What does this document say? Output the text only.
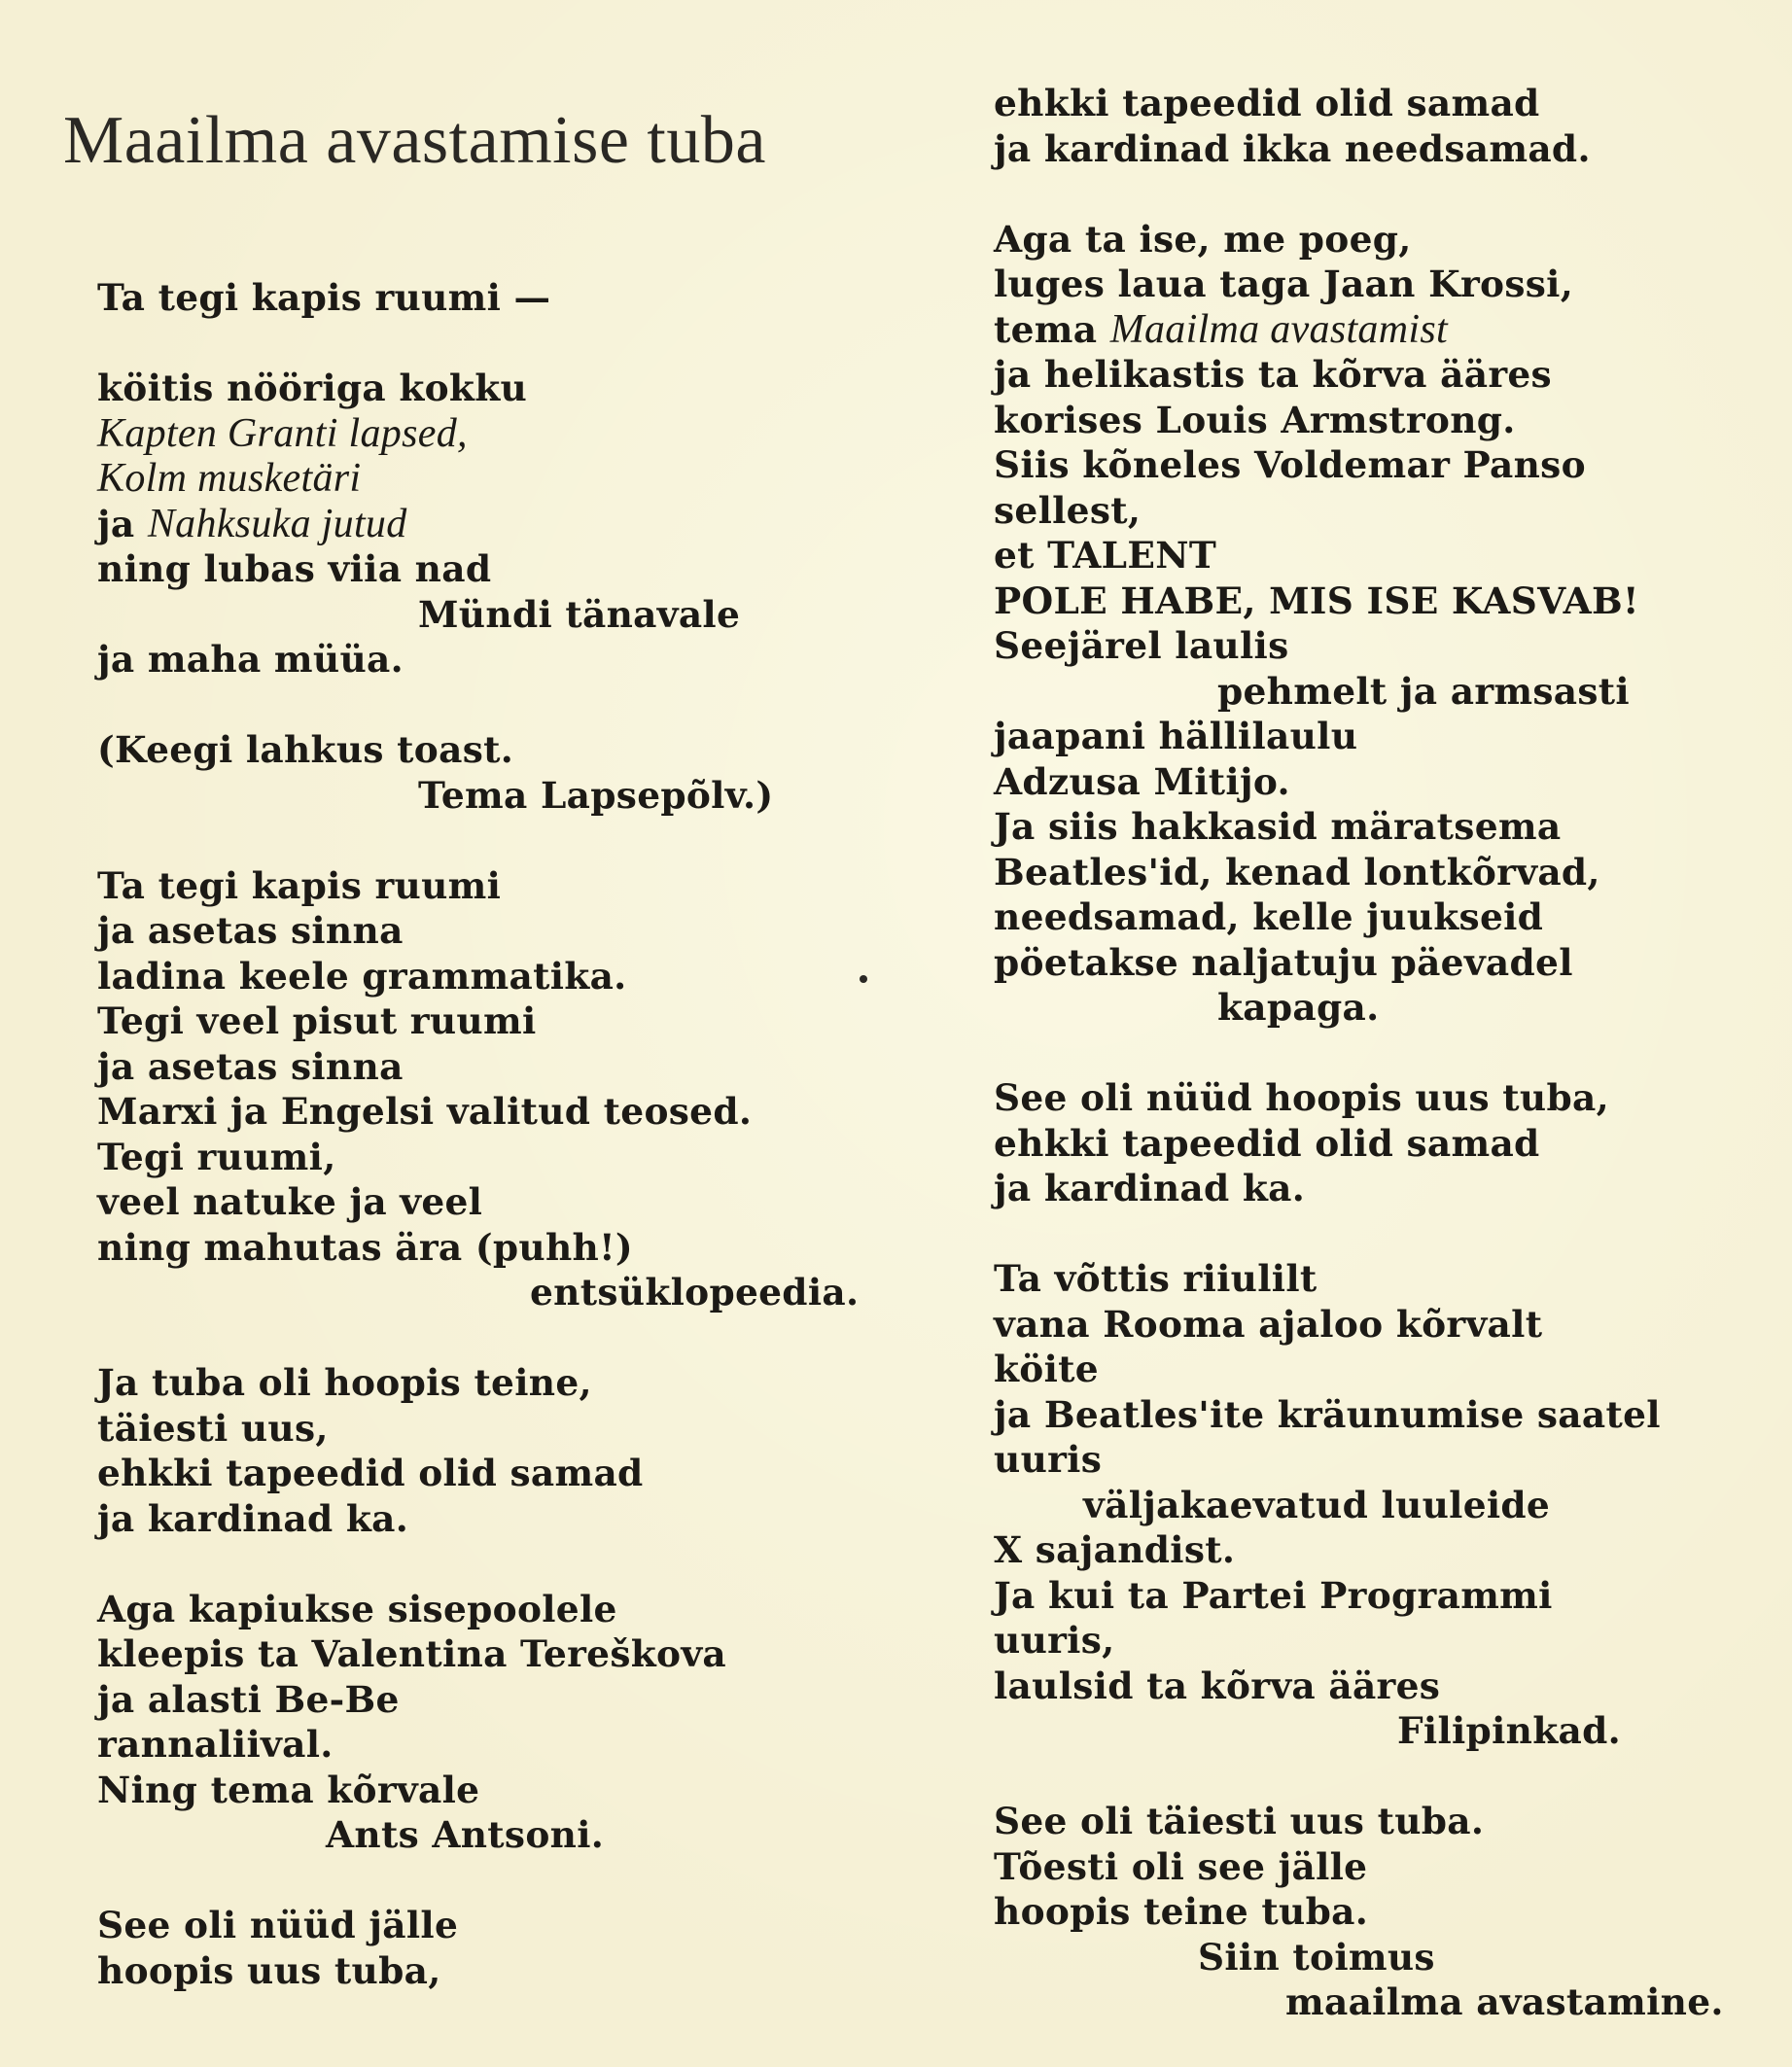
Maailma avastamise tuba
Ta tegi kapis ruumi —
köitis nööriga kokku
Kapten Granti lapsed,
Kolm musketäri
ja Nahksuka jutud
ning lubas viia nad
Mündi tänavale
ja maha müüa.
(Keegi lahkus toast.
Tema Lapsepõlv.)
Ta tegi kapis ruumi
ja asetas sinna
ladina keele grammatika.
Tegi veel pisut ruumi
ja asetas sinna
Marxi ja Engelsi valitud teosed.
Tegi ruumi,
veel natuke ja veel
ning mahutas ära (puhh!)
entsüklopeedia.
Ja tuba oli hoopis teine,
täiesti uus,
ehkki tapeedid olid samad
ja kardinad ka.
Aga kapiukse sisepoolele
kleepis ta Valentina Tereškova
ja alasti Be-Be
rannaliival.
Ning tema kõrvale
Ants Antsoni.
See oli nüüd jälle
hoopis uus tuba,
ehkki tapeedid olid samad
ja kardinad ikka needsamad.
Aga ta ise, me poeg,
luges laua taga Jaan Krossi,
tema Maailma avastamist
ja helikastis ta kõrva ääres
korises Louis Armstrong.
Siis kõneles Voldemar Panso
sellest,
et TALENT
POLE HABE, MIS ISE KASVAB!
Seejärel laulis
pehmelt ja armsasti
jaapani hällilaulu
Adzusa Mitijo.
Ja siis hakkasid märatsema
Beatles'id, kenad lontkõrvad,
needsamad, kelle juukseid
pöetakse naljatuju päevadel
kapaga.
See oli nüüd hoopis uus tuba,
ehkki tapeedid olid samad
ja kardinad ka.
Ta võttis riiulilt
vana Rooma ajaloo kõrvalt
köite
ja Beatles'ite kräunumise saatel
uuris
väljakaevatud luuleide
X sajandist.
Ja kui ta Partei Programmi
uuris,
laulsid ta kõrva ääres
Filipinkad.
See oli täiesti uus tuba.
Tõesti oli see jälle
hoopis teine tuba.
Siin toimus
maailma avastamine.
